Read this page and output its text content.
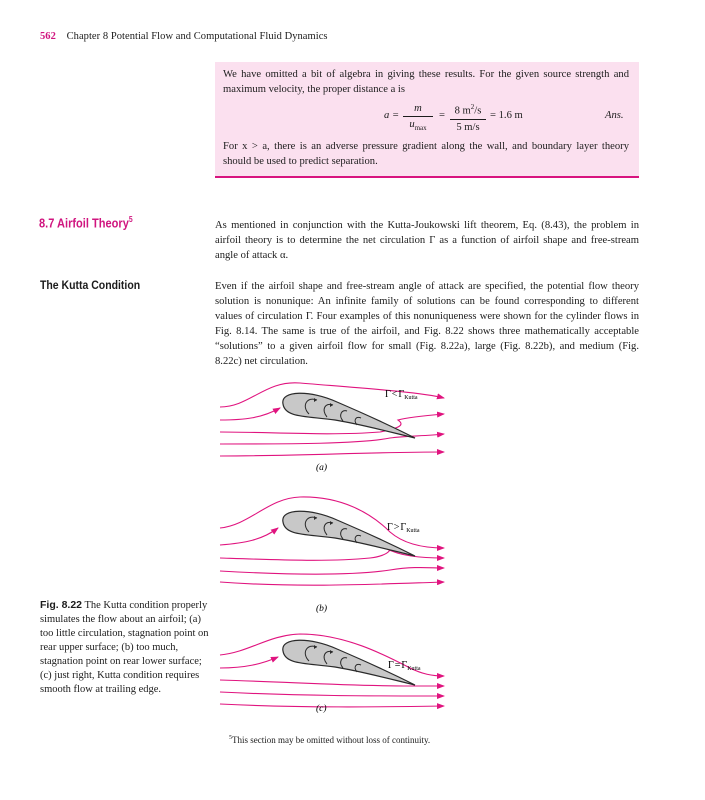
562 Chapter 8 Potential Flow and Computational Fluid Dynamics
We have omitted a bit of algebra in giving these results. For the given source strength and maximum velocity, the proper distance a is
a =
m
$u_{max}$
= $\frac{8 m^2/s}{5 m/s} = 1.6$ m	Ans.
For x > a, there is an adverse pressure gradient along the wall, and boundary layer theory should be used to predict separation.
8.7 Airfoil Theory$^5$
As mentioned in conjunction with the Kutta-Joukowski lift theorem, Eq. (8.43), the problem in airfoil theory is to determine the net circulation Γ as a function of airfoil shape and free-stream angle of attack α.
The Kutta Condition	Even if the airfoil shape and free-stream angle of attack are specified, the potential flow theory solution is nonunique: An infinite family of solutions can be found corresponding to different values of circulation Γ. Four examples of this nonuniqueness were shown for the cylinder flows in Fig. 8.14. The same is true of the airfoil, and Fig. 8.22 shows three mathematically acceptable “solutions” to a given airfoil flow for small (Fig. 8.22a), large (Fig. 8.22b), and medium (Fig. 8.22c) net circulation.
$\Gamma<\Gamma_{Kutta}$
(a)
$\Gamma>\Gamma_{Kutta}$
(b)
$\Gamma=\Gamma_{Kutta}$
(c)
Fig. 8.22 The Kutta condition properly simulates the flow about an airfoil; (a) too little circulation, stagnation point on rear upper surface; (b) too much, stagnation point on rear lower surface; (c) just right, Kutta condition requires smooth flow at trailing edge.
$^5$This section may be omitted without loss of continuity.
